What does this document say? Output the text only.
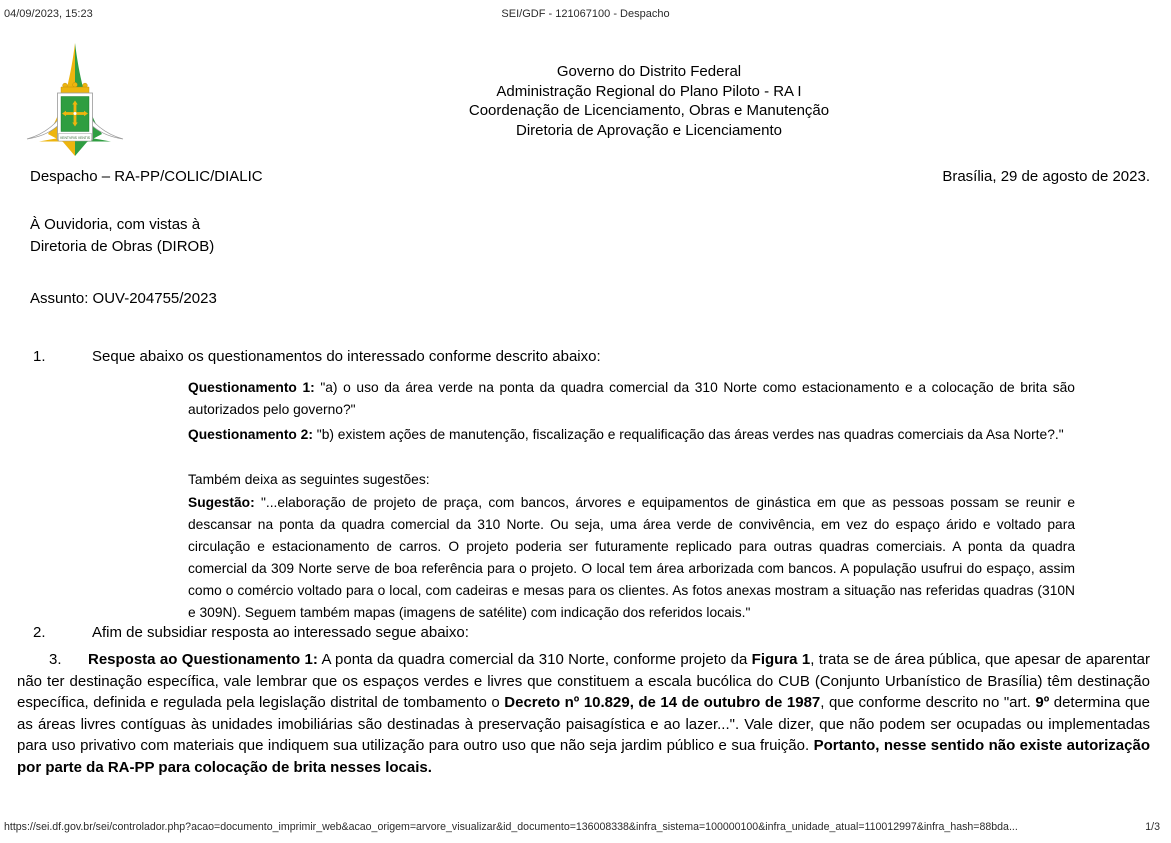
04/09/2023, 15:23	SEI/GDF - 121067100 - Despacho
VENTVRIS VENTIS
Governo do Distrito Federal
Administração Regional do Plano Piloto - RA I
Coordenação de Licenciamento, Obras e Manutenção
Diretoria de Aprovação e Licenciamento
Despacho – RA-PP/COLIC/DIALIC	Brasília, 29 de agosto de 2023.
À Ouvidoria, com vistas à
Diretoria de Obras (DIROB)
Assunto: OUV-204755/2023
1.	Seque abaixo os questionamentos do interessado conforme descrito abaixo:
Questionamento 1: "a) o uso da área verde na ponta da quadra comercial da 310 Norte como estacionamento e a colocação de brita são autorizados pelo governo?"
Questionamento 2: "b) existem ações de manutenção, fiscalização e requalificação das áreas verdes nas quadras comerciais da Asa Norte?."
Também deixa as seguintes sugestões:
Sugestão: "...elaboração de projeto de praça, com bancos, árvores e equipamentos de ginástica em que as pessoas possam se reunir e descansar na ponta da quadra comercial da 310 Norte. Ou seja, uma área verde de convivência, em vez do espaço árido e voltado para circulação e estacionamento de carros. O projeto poderia ser futuramente replicado para outras quadras comerciais. A ponta da quadra comercial da 309 Norte serve de boa referência para o projeto. O local tem área arborizada com bancos. A população usufrui do espaço, assim como o comércio voltado para o local, com cadeiras e mesas para os clientes. As fotos anexas mostram a situação nas referidas quadras (310N e 309N). Seguem também mapas (imagens de satélite) com indicação dos referidos locais."
2.	Afim de subsidiar resposta ao interessado segue abaixo:
3. Resposta ao Questionamento 1: A ponta da quadra comercial da 310 Norte, conforme projeto da Figura 1, trata se de área pública, que apesar de aparentar não ter destinação específica, vale lembrar que os espaços verdes e livres que constituem a escala bucólica do CUB (Conjunto Urbanístico de Brasília) têm destinação específica, definida e regulada pela legislação distrital de tombamento o Decreto nº 10.829, de 14 de outubro de 1987, que conforme descrito no "art. 9º determina que as áreas livres contíguas às unidades imobiliárias são destinadas à preservação paisagística e ao lazer...". Vale dizer, que não podem ser ocupadas ou implementadas para uso privativo com materiais que indiquem sua utilização para outro uso que não seja jardim público e sua fruição. Portanto, nesse sentido não existe autorização por parte da RA-PP para colocação de brita nesses locais.
https://sei.df.gov.br/sei/controlador.php?acao=documento_imprimir_web&acao_origem=arvore_visualizar&id_documento=136008338&infra_sistema=100000100&infra_unidade_atual=110012997&infra_hash=88bda...	1/3
